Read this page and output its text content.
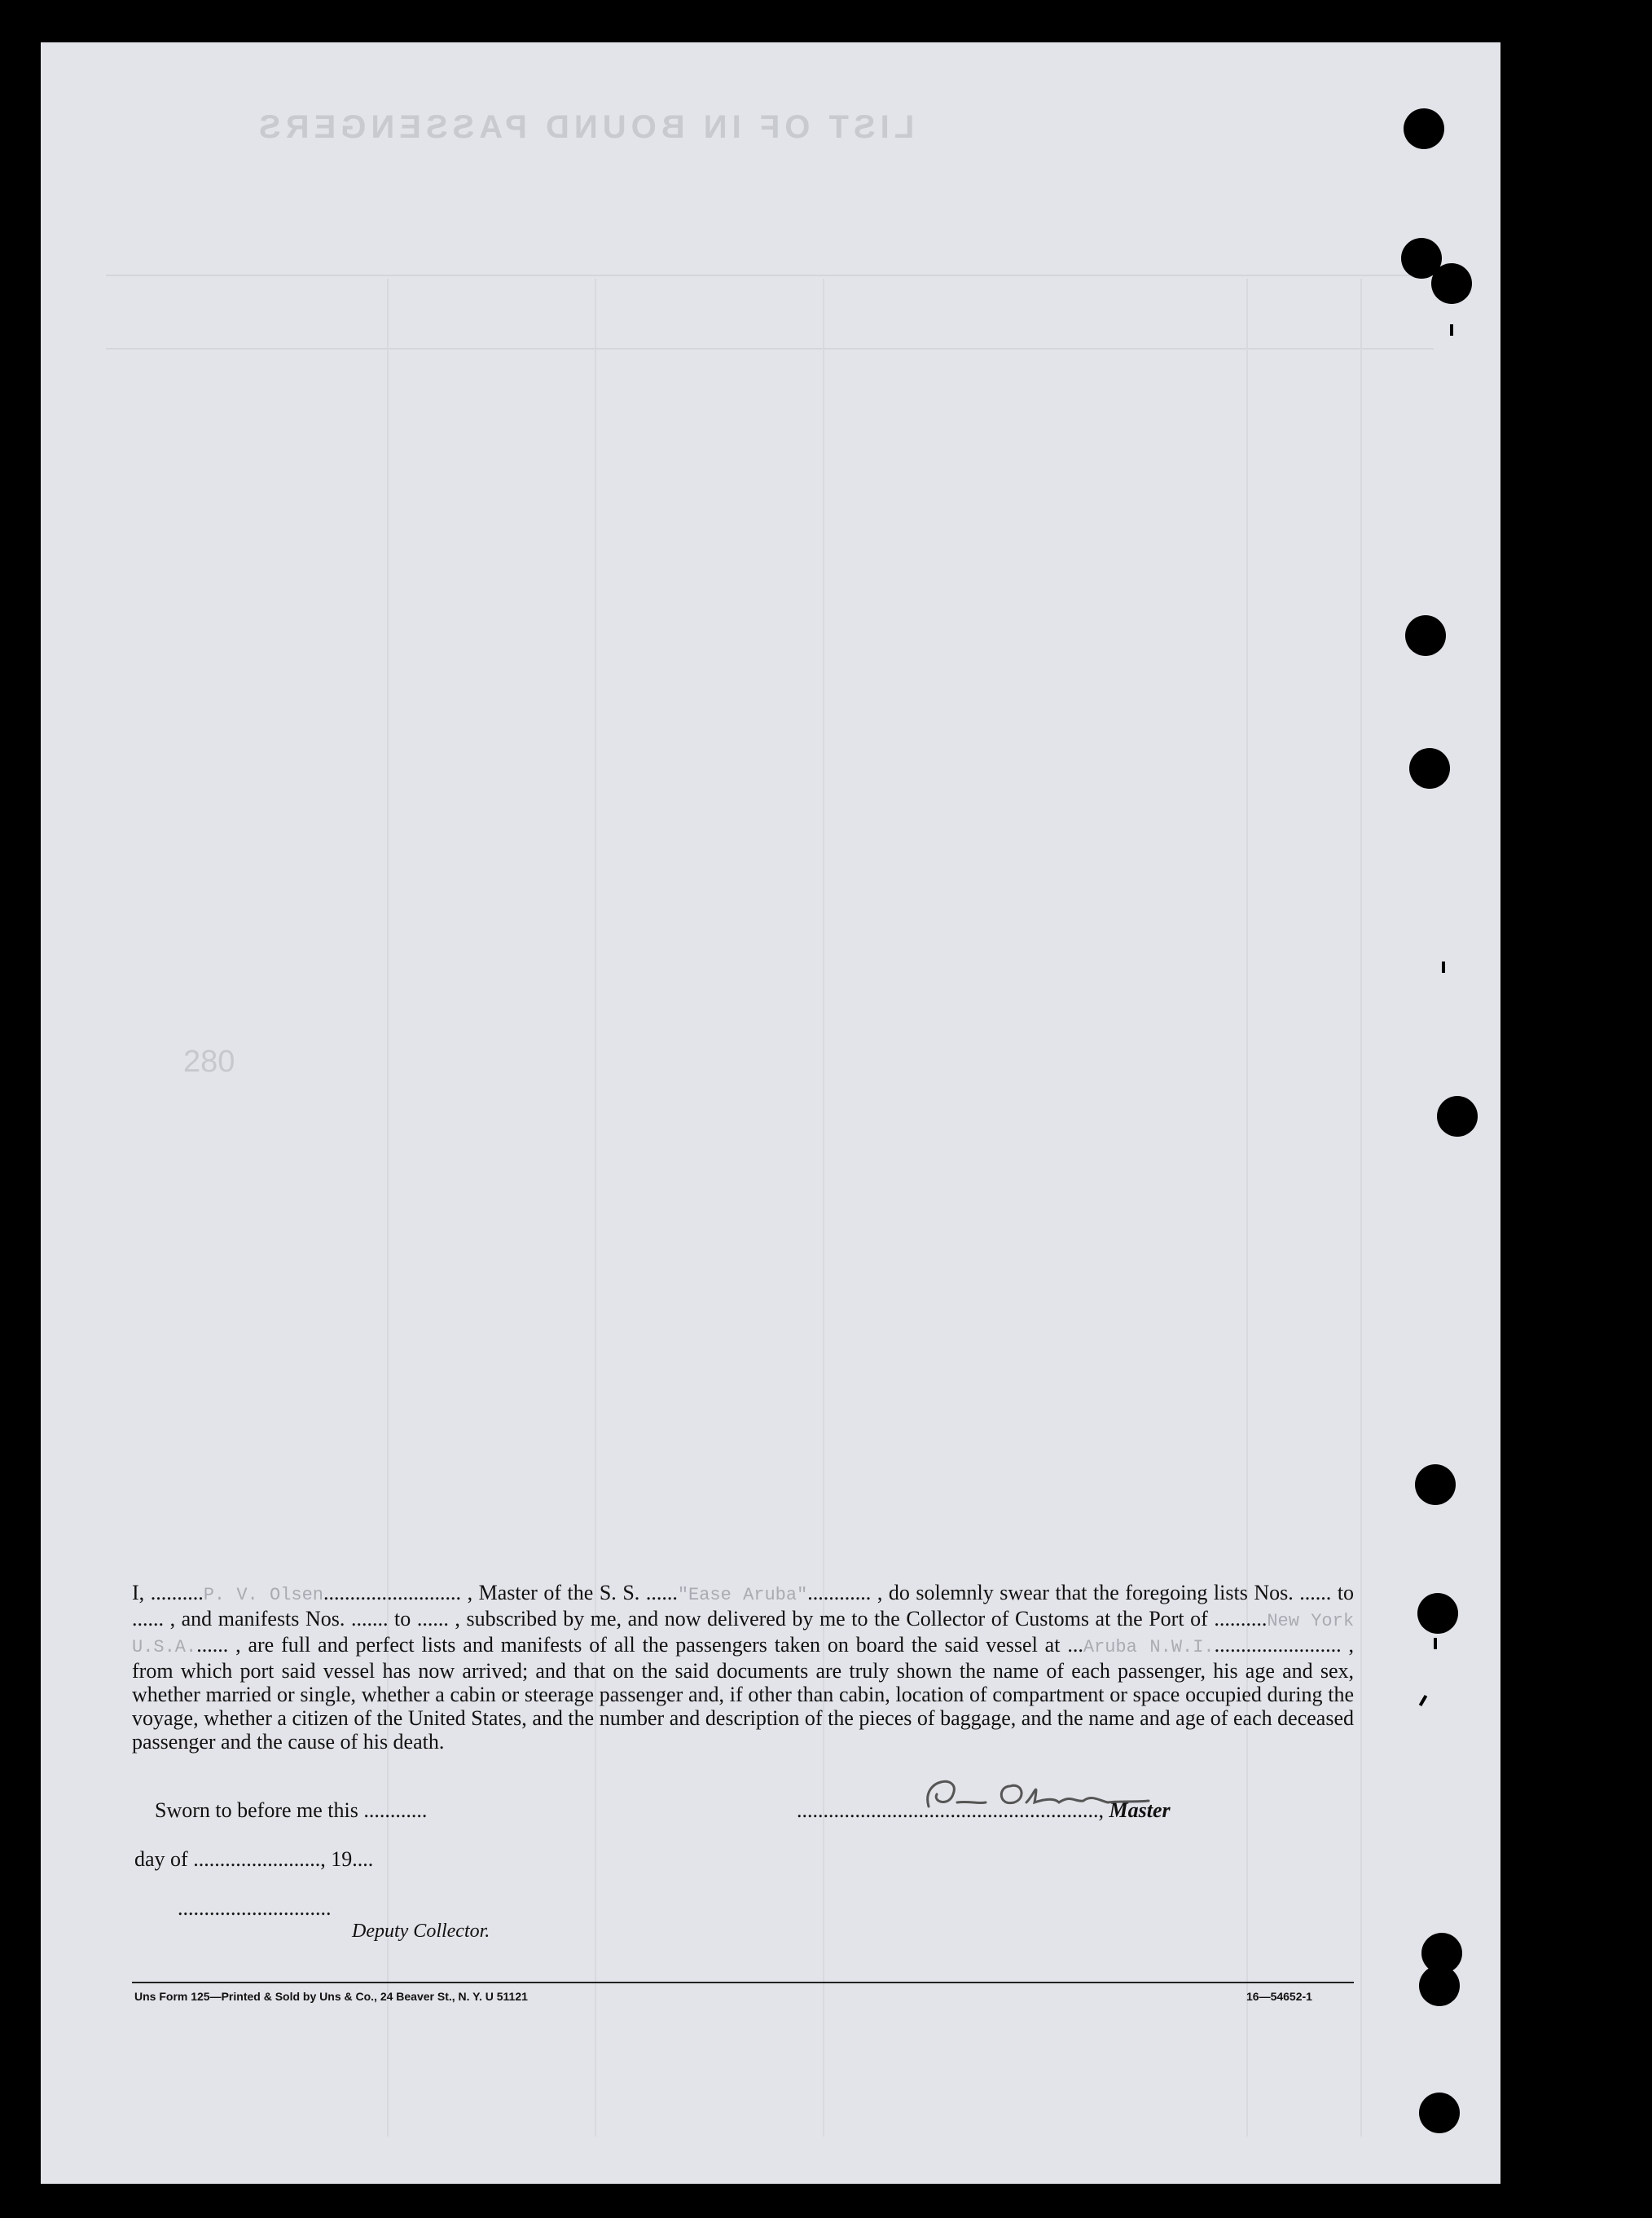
LIST OF IN BOUND PASSENGERS
280

I, ..........P. V. Olsen.......................... , Master of the S. S. ......"Ease Aruba"............ , do solemnly swear that the foregoing lists Nos. ...... to ...... , and manifests Nos. ....... to ...... , subscribed by me, and now delivered by me to the Collector of Customs at the Port of ..........New York U.S.A....... , are full and perfect lists and manifests of all the passengers taken on board the said vessel at ...Aruba N.W.I......................... , from which port said vessel has now arrived; and that on the said documents are truly shown the name of each passenger, his age and sex, whether married or single, whether a cabin or steerage passenger and, if other than cabin, location of compartment or space occupied during the voyage, whether a citizen of the United States, and the number and description of the pieces of baggage, and the name and age of each deceased passenger and the cause of his death.

Sworn to before me this ............
day of ........................, 19....
.............................
Deputy Collector.
........................................................., Master
Uns Form 125—Printed & Sold by Uns & Co., 24 Beaver St., N. Y. U 51121	16—54652-1
